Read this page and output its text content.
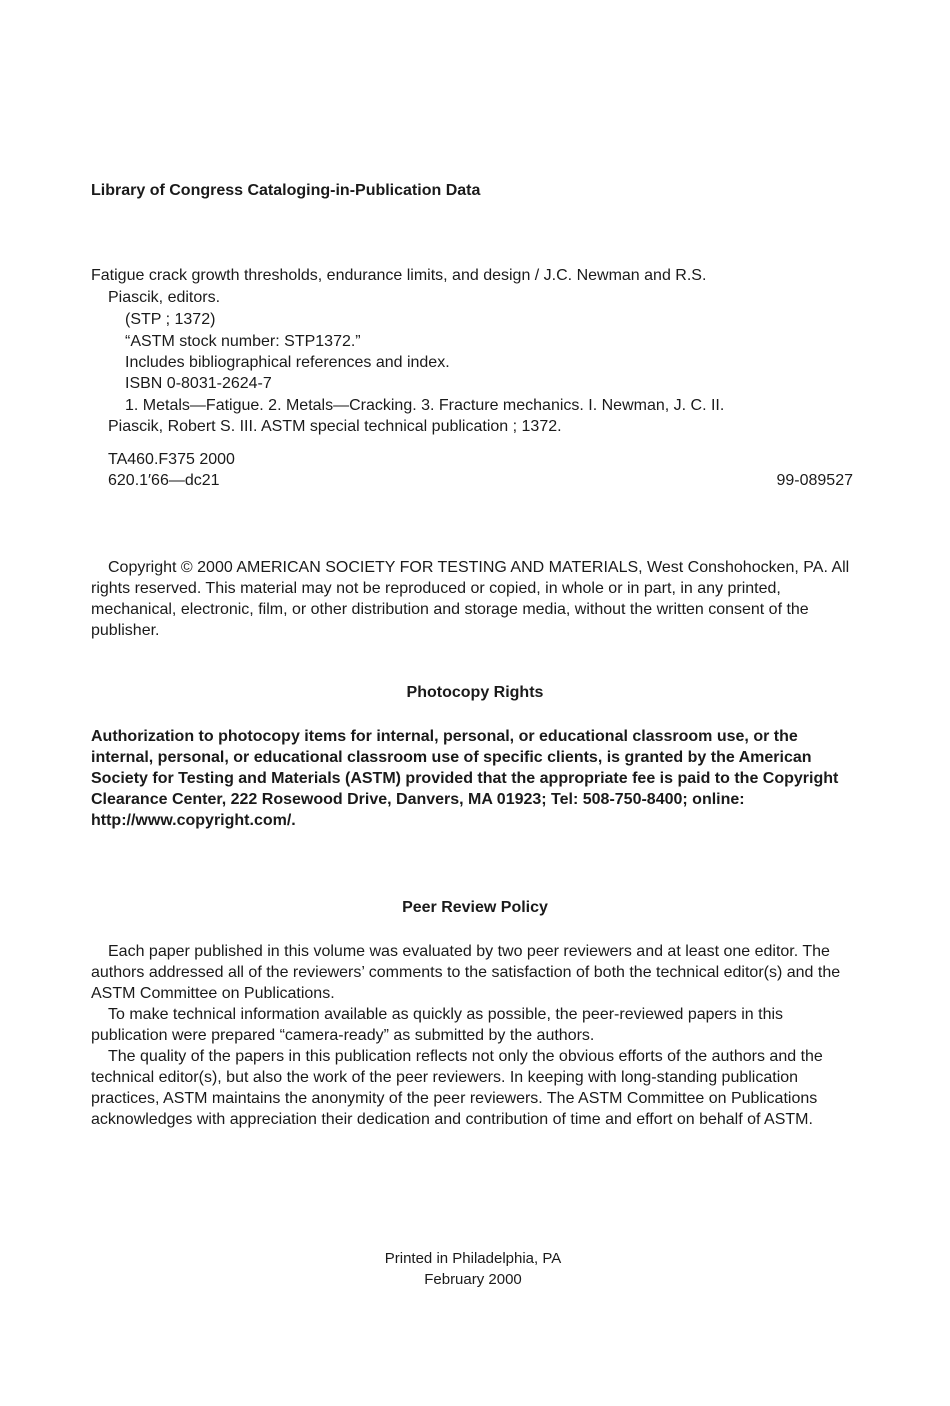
Library of Congress Cataloging-in-Publication Data
Fatigue crack growth thresholds, endurance limits, and design / J.C. Newman and R.S.
Piascik, editors.
(STP ; 1372)
“ASTM stock number: STP1372.”
Includes bibliographical references and index.
ISBN 0-8031-2624-7
1. Metals—Fatigue. 2. Metals—Cracking. 3. Fracture mechanics. I. Newman, J. C. II.
Piascik, Robert S. III. ASTM special technical publication ; 1372.
TA460.F375 2000
620.1′66—dc21	99-089527
Copyright © 2000 AMERICAN SOCIETY FOR TESTING AND MATERIALS, West Conshohocken, PA. All rights reserved. This material may not be reproduced or copied, in whole or in part, in any printed, mechanical, electronic, film, or other distribution and storage media, without the written consent of the publisher.
Photocopy Rights
Authorization to photocopy items for internal, personal, or educational classroom use, or the internal, personal, or educational classroom use of specific clients, is granted by the American Society for Testing and Materials (ASTM) provided that the appropriate fee is paid to the Copyright Clearance Center, 222 Rosewood Drive, Danvers, MA 01923; Tel: 508-750-8400; online: http://www.copyright.com/.
Peer Review Policy
Each paper published in this volume was evaluated by two peer reviewers and at least one editor. The authors addressed all of the reviewers’ comments to the satisfaction of both the technical editor(s) and the ASTM Committee on Publications.
To make technical information available as quickly as possible, the peer-reviewed papers in this publication were prepared “camera-ready” as submitted by the authors.
The quality of the papers in this publication reflects not only the obvious efforts of the authors and the technical editor(s), but also the work of the peer reviewers. In keeping with long-standing publication practices, ASTM maintains the anonymity of the peer reviewers. The ASTM Committee on Publications acknowledges with appreciation their dedication and contribution of time and effort on behalf of ASTM.
Printed in Philadelphia, PA
February 2000
